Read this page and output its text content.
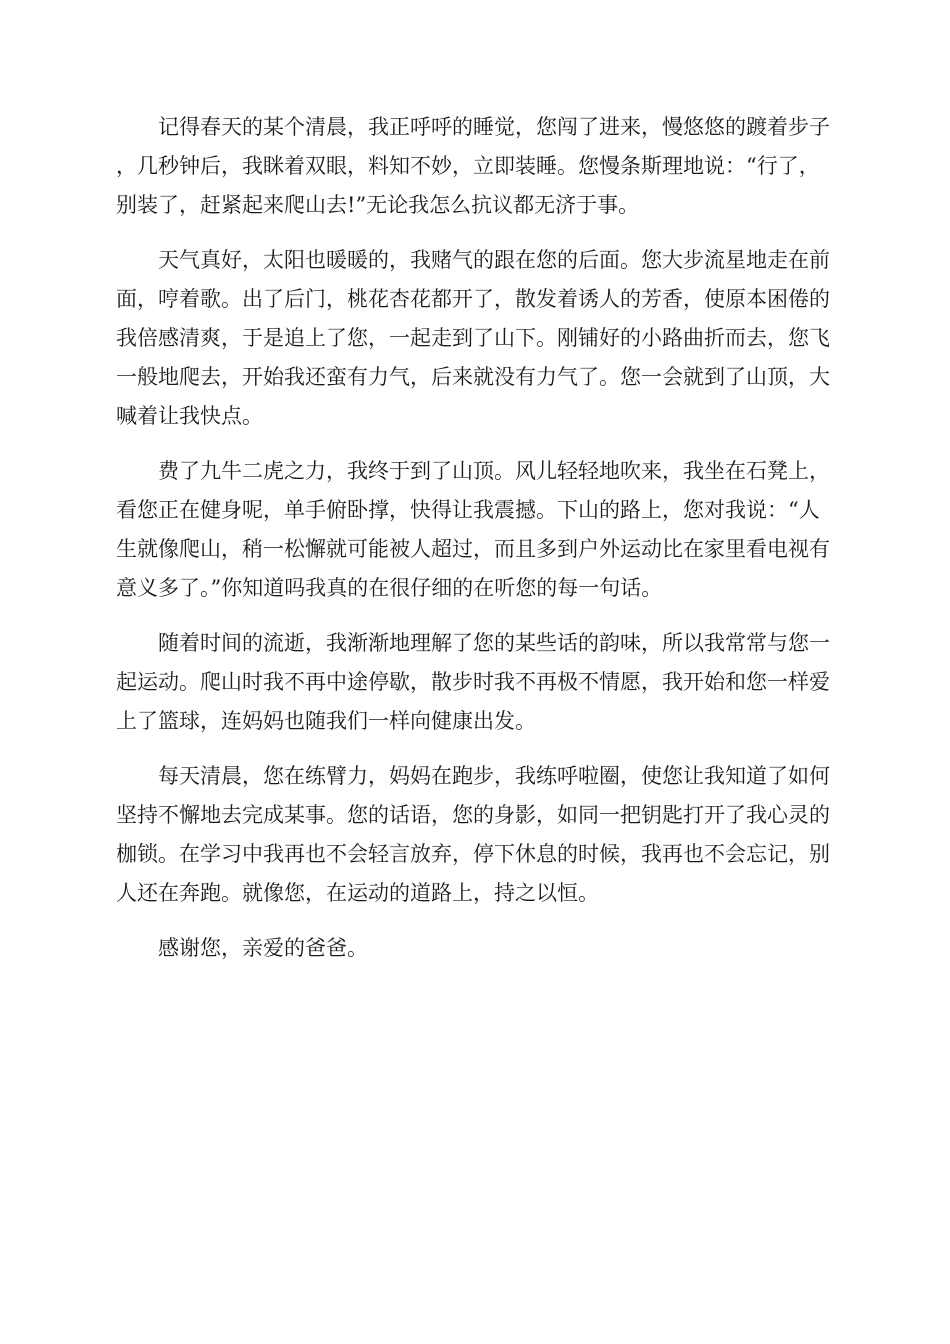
记得春天的某个清晨，我正呼呼的睡觉，您闯了进来，慢悠悠的踱着步子，几秒钟后，我眯着双眼，料知不妙，立即装睡。您慢条斯理地说：“行了，别装了，赶紧起来爬山去!”无论我怎么抗议都无济于事。

天气真好，太阳也暖暖的，我赌气的跟在您的后面。您大步流星地走在前面，哼着歌。出了后门，桃花杏花都开了，散发着诱人的芳香，使原本困倦的我倍感清爽，于是追上了您，一起走到了山下。刚铺好的小路曲折而去，您飞一般地爬去，开始我还蛮有力气，后来就没有力气了。您一会就到了山顶，大喊着让我快点。

费了九牛二虎之力，我终于到了山顶。风儿轻轻地吹来，我坐在石凳上，看您正在健身呢，单手俯卧撑，快得让我震撼。下山的路上，您对我说：“人生就像爬山，稍一松懈就可能被人超过，而且多到户外运动比在家里看电视有意义多了。”你知道吗我真的在很仔细的在听您的每一句话。

随着时间的流逝，我渐渐地理解了您的某些话的韵味，所以我常常与您一起运动。爬山时我不再中途停歇，散步时我不再极不情愿，我开始和您一样爱上了篮球，连妈妈也随我们一样向健康出发。

每天清晨，您在练臂力，妈妈在跑步，我练呼啦圈，使您让我知道了如何坚持不懈地去完成某事。您的话语，您的身影，如同一把钥匙打开了我心灵的枷锁。在学习中我再也不会轻言放弃，停下休息的时候，我再也不会忘记，别人还在奔跑。就像您，在运动的道路上，持之以恒。

感谢您，亲爱的爸爸。
